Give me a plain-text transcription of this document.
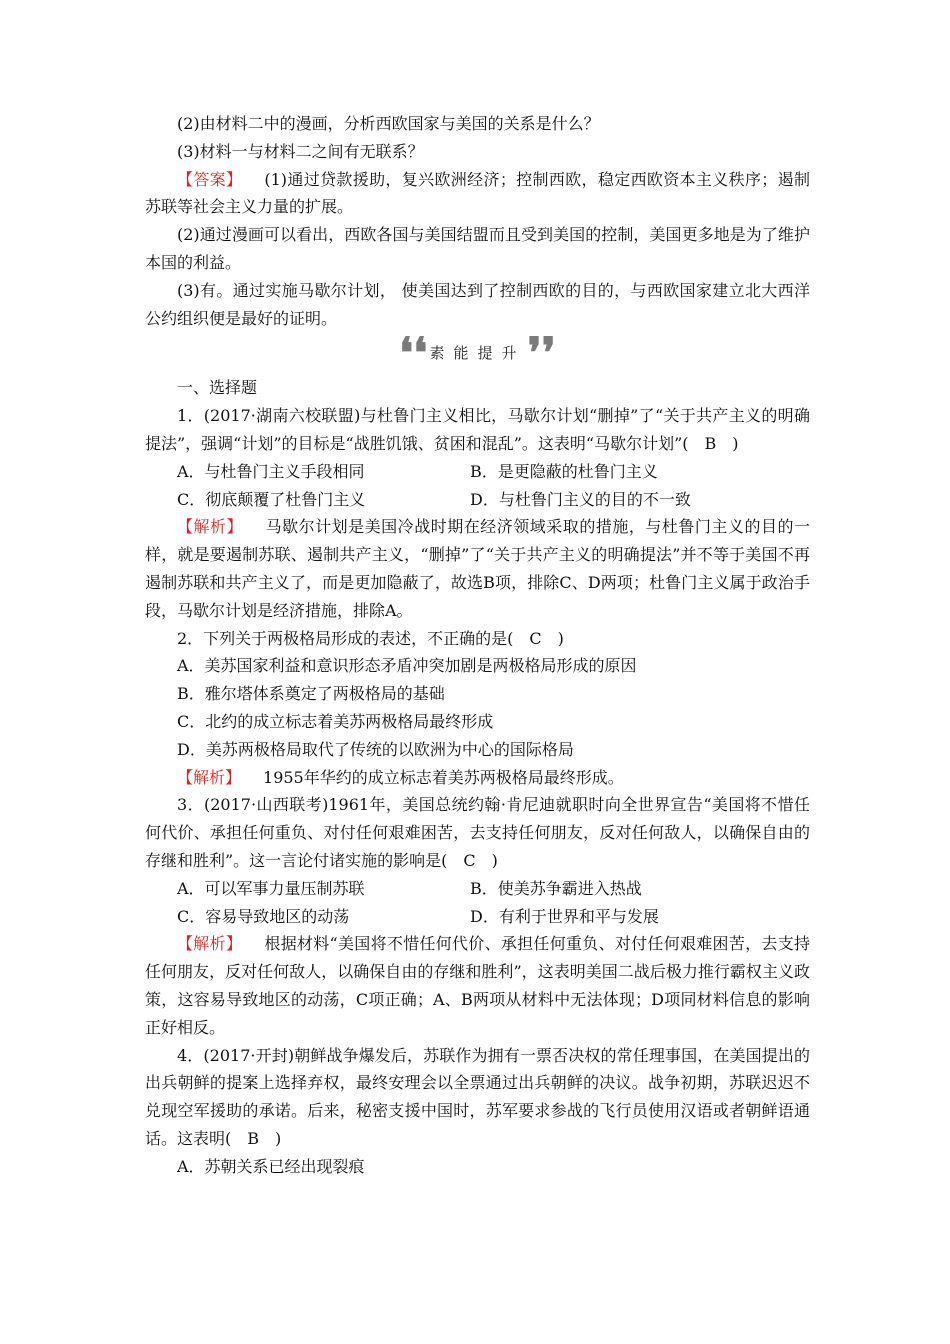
(2)由材料二中的漫画，分析西欧国家与美国的关系是什么？

(3)材料一与材料二之间有无联系？

【答案】 (1)通过贷款援助，复兴欧洲经济；控制西欧，稳定西欧资本主义秩序；遏制苏联等社会主义力量的扩展。

(2)通过漫画可以看出，西欧各国与美国结盟而且受到美国的控制，美国更多地是为了维护本国的利益。

(3)有。通过实施马歇尔计划， 使美国达到了控制西欧的目的，与西欧国家建立北大西洋公约组织便是最好的证明。

❛❛ 素能提升 ❜❜

一、选择题

1．(2017·湖南六校联盟)与杜鲁门主义相比，马歇尔计划“删掉”了“关于共产主义的明确提法”，强调“计划”的目标是“战胜饥饿、贫困和混乱”。这表明“马歇尔计划”(　B　)

A．与杜鲁门主义手段相同	B．是更隐蔽的杜鲁门主义
C．彻底颠覆了杜鲁门主义	D．与杜鲁门主义的目的不一致

【解析】 马歇尔计划是美国冷战时期在经济领域采取的措施，与杜鲁门主义的目的一样，就是要遏制苏联、遏制共产主义，“删掉”了“关于共产主义的明确提法”并不等于美国不再遏制苏联和共产主义了，而是更加隐蔽了，故选B项，排除C、D两项；杜鲁门主义属于政治手段，马歇尔计划是经济措施，排除A。

2．下列关于两极格局形成的表述，不正确的是(　C　)

A．美苏国家利益和意识形态矛盾冲突加剧是两极格局形成的原因
B．雅尔塔体系奠定了两极格局的基础
C．北约的成立标志着美苏两极格局最终形成
D．美苏两极格局取代了传统的以欧洲为中心的国际格局

【解析】 1955年华约的成立标志着美苏两极格局最终形成。

3．(2017·山西联考)1961年，美国总统约翰·肯尼迪就职时向全世界宣告“美国将不惜任何代价、承担任何重负、对付任何艰难困苦，去支持任何朋友，反对任何敌人，以确保自由的存继和胜利”。这一言论付诸实施的影响是(　C　)

A．可以军事力量压制苏联	B．使美苏争霸进入热战
C．容易导致地区的动荡	D．有利于世界和平与发展

【解析】 根据材料“美国将不惜任何代价、承担任何重负、对付任何艰难困苦，去支持任何朋友，反对任何敌人，以确保自由的存继和胜利”，这表明美国二战后极力推行霸权主义政策，这容易导致地区的动荡，C项正确；A、B两项从材料中无法体现；D项同材料信息的影响正好相反。

4．(2017·开封)朝鲜战争爆发后，苏联作为拥有一票否决权的常任理事国，在美国提出的出兵朝鲜的提案上选择弃权，最终安理会以全票通过出兵朝鲜的决议。战争初期，苏联迟迟不兑现空军援助的承诺。后来，秘密支援中国时，苏军要求参战的飞行员使用汉语或者朝鲜语通话。这表明(　B　)

A．苏朝关系已经出现裂痕
